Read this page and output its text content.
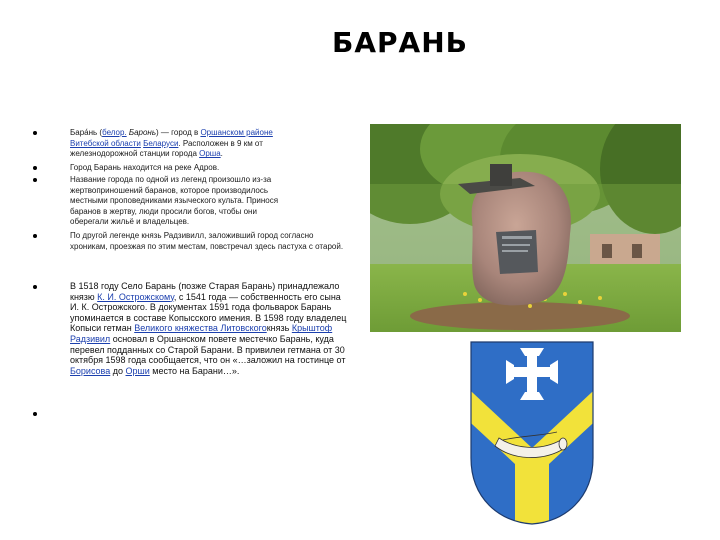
БАРАНЬ
Бара́нь (белор. Баронь) — город в Оршанском районе Витебской области Беларуси. Расположен в 9 км от железнодорожной станции города Орша.
Город Барань находится на реке Адров.
Название города по одной из легенд произошло из-за жертвоприношений баранов, которое производилось местными проповедниками языческого культа. Принося баранов в жертву, люди просили богов, чтобы они оберегали жильё и владельцев.
По другой легенде князь Радзивилл, заложивший город согласно хроникам, проезжая по этим местам, повстречал здесь пастуха с отарой.
В 1518 году Село Барань (позже Старая Барань) принадлежало князю К. И. Острожскому, с 1541 года — собственность его сына И. К. Острожского. В документах 1591 года фольварок Барань упоминается в составе Копысского имения. В 1598 году владелец Копыси гетман Великого княжества Литовскогокнязь Крыштоф Радзивил основал в Оршанском повете местечко Барань, куда перевел подданных со Старой Барани. В привилеи гетмана от 30 октября 1598 года сообщается, что он «…заложил на гостинце от Борисова до Орши место на Барани…».
